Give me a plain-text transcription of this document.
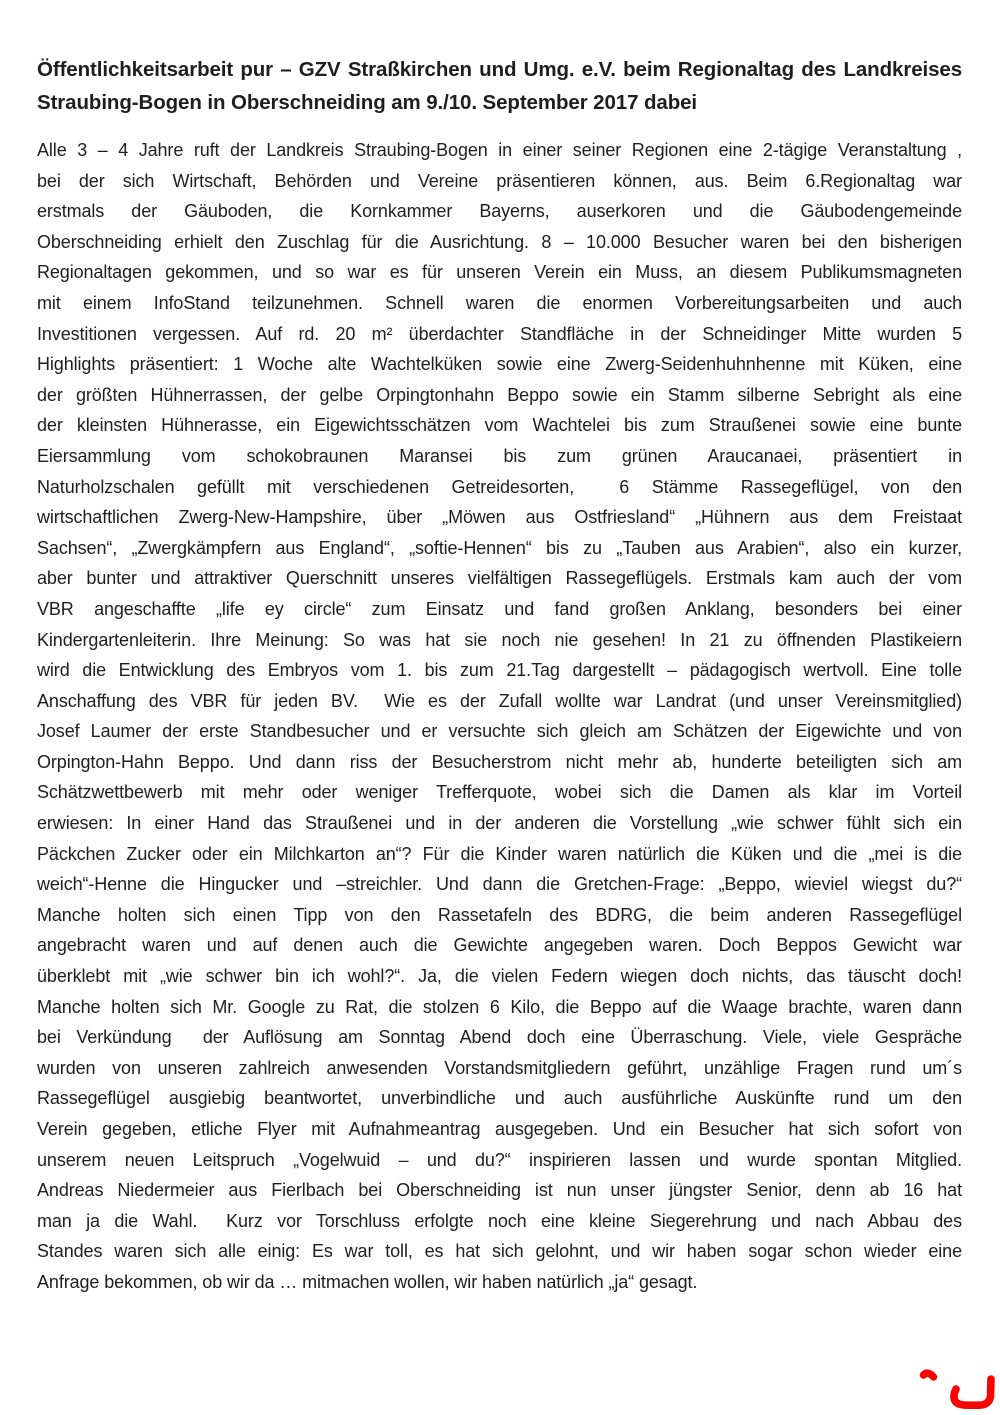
Öffentlichkeitsarbeit pur – GZV Straßkirchen und Umg. e.V. beim Regionaltag des Landkreises
Straubing-Bogen in Oberschneiding am 9./10. September 2017 dabei
Alle 3 – 4 Jahre ruft der Landkreis Straubing-Bogen in einer seiner Regionen eine 2-tägige Veranstaltung ,
bei der sich Wirtschaft, Behörden und Vereine präsentieren können, aus. Beim 6.Regionaltag war
erstmals der Gäuboden, die Kornkammer Bayerns, auserkoren und die Gäubodengemeinde
Oberschneiding erhielt den Zuschlag für die Ausrichtung. 8 – 10.000 Besucher waren bei den bisherigen
Regionaltagen gekommen, und so war es für unseren Verein ein Muss, an diesem Publikumsmagneten
mit einem InfoStand teilzunehmen. Schnell waren die enormen Vorbereitungsarbeiten und auch
Investitionen vergessen. Auf rd. 20 m² überdachter Standfläche in der Schneidinger Mitte wurden 5
Highlights präsentiert: 1 Woche alte Wachtelküken sowie eine Zwerg-Seidenhuhnhenne mit Küken, eine
der größten Hühnerrassen, der gelbe Orpingtonhahn Beppo sowie ein Stamm silberne Sebright als eine
der kleinsten Hühnerasse, ein Eigewichtsschätzen vom Wachtelei bis zum Straußenei sowie eine bunte
Eiersammlung vom schokobraunen Maransei bis zum grünen Araucanaei, präsentiert in
Naturholzschalen gefüllt mit verschiedenen Getreidesorten,  6 Stämme Rassegeflügel, von den
wirtschaftlichen Zwerg-New-Hampshire, über „Möwen aus Ostfriesland“ „Hühnern aus dem Freistaat
Sachsen“, „Zwergkämpfern aus England“, „softie-Hennen“ bis zu „Tauben aus Arabien“, also ein kurzer,
aber bunter und attraktiver Querschnitt unseres vielfältigen Rassegeflügels. Erstmals kam auch der vom
VBR angeschaffte „life ey circle“ zum Einsatz und fand großen Anklang, besonders bei einer
Kindergartenleiterin. Ihre Meinung: So was hat sie noch nie gesehen! In 21 zu öffnenden Plastikeiern
wird die Entwicklung des Embryos vom 1. bis zum 21.Tag dargestellt – pädagogisch wertvoll. Eine tolle
Anschaffung des VBR für jeden BV.  Wie es der Zufall wollte war Landrat (und unser Vereinsmitglied)
Josef Laumer der erste Standbesucher und er versuchte sich gleich am Schätzen der Eigewichte und von
Orpington-Hahn Beppo. Und dann riss der Besucherstrom nicht mehr ab, hunderte beteiligten sich am
Schätzwettbewerb mit mehr oder weniger Trefferquote, wobei sich die Damen als klar im Vorteil
erwiesen: In einer Hand das Straußenei und in der anderen die Vorstellung „wie schwer fühlt sich ein
Päckchen Zucker oder ein Milchkarton an“? Für die Kinder waren natürlich die Küken und die „mei is die
weich“-Henne die Hingucker und –streichler. Und dann die Gretchen-Frage: „Beppo, wieviel wiegst du?“
Manche holten sich einen Tipp von den Rassetafeln des BDRG, die beim anderen Rassegeflügel
angebracht waren und auf denen auch die Gewichte angegeben waren. Doch Beppos Gewicht war
überklebt mit „wie schwer bin ich wohl?“. Ja, die vielen Federn wiegen doch nichts, das täuscht doch!
Manche holten sich Mr. Google zu Rat, die stolzen 6 Kilo, die Beppo auf die Waage brachte, waren dann
bei Verkündung  der Auflösung am Sonntag Abend doch eine Überraschung. Viele, viele Gespräche
wurden von unseren zahlreich anwesenden Vorstandsmitgliedern geführt, unzählige Fragen rund um´s
Rassegeflügel ausgiebig beantwortet, unverbindliche und auch ausführliche Auskünfte rund um den
Verein gegeben, etliche Flyer mit Aufnahmeantrag ausgegeben. Und ein Besucher hat sich sofort von
unserem neuen Leitspruch „Vogelwuid – und du?“ inspirieren lassen und wurde spontan Mitglied.
Andreas Niedermeier aus Fierlbach bei Oberschneiding ist nun unser jüngster Senior, denn ab 16 hat
man ja die Wahl.  Kurz vor Torschluss erfolgte noch eine kleine Siegerehrung und nach Abbau des
Standes waren sich alle einig: Es war toll, es hat sich gelohnt, und wir haben sogar schon wieder eine
Anfrage bekommen, ob wir da … mitmachen wollen, wir haben natürlich „ja“ gesagt.
